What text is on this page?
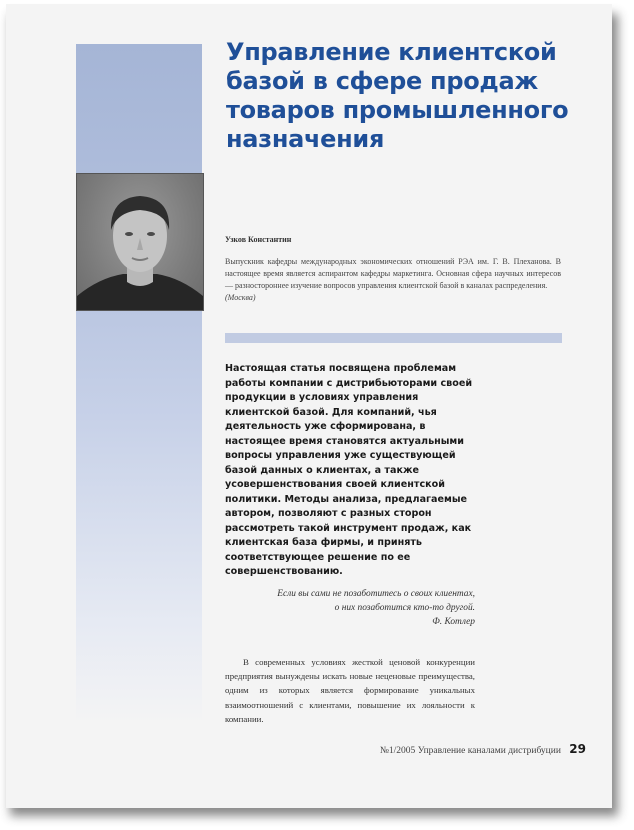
Управление клиентской базой в сфере продаж товаров промышленного назначения
Узков Константин
Выпускник кафедры международных экономических отношений РЭА им. Г. В. Плеханова. В настоящее время является аспирантом кафедры маркетинга. Основная сфера научных интересов — разностороннее изучение вопросов управления клиентской базой в каналах распределения.
(Москва)
Настоящая статья посвящена проблемам работы компании с дистрибьюторами своей продукции в условиях управления клиентской базой. Для компаний, чья деятельность уже сформирована, в настоящее время становятся актуальными вопросы управления уже существующей базой данных о клиентах, а также усовершенствования своей клиентской политики. Методы анализа, предлагаемые автором, позволяют с разных сторон рассмотреть такой инструмент продаж, как клиентская база фирмы, и принять соответствующее решение по ее совершенствованию.
Если вы сами не позаботитесь о своих клиентах,
о них позаботится кто-то другой.
Ф. Котлер

В современных условиях жесткой ценовой конкуренции предприятия вынуждены искать новые неценовые преимущества, одним из которых является формирование уникальных взаимоотношений с клиентами, повышение их лояльности к компании.

№1/2005 Управление каналами дистрибуции 29
